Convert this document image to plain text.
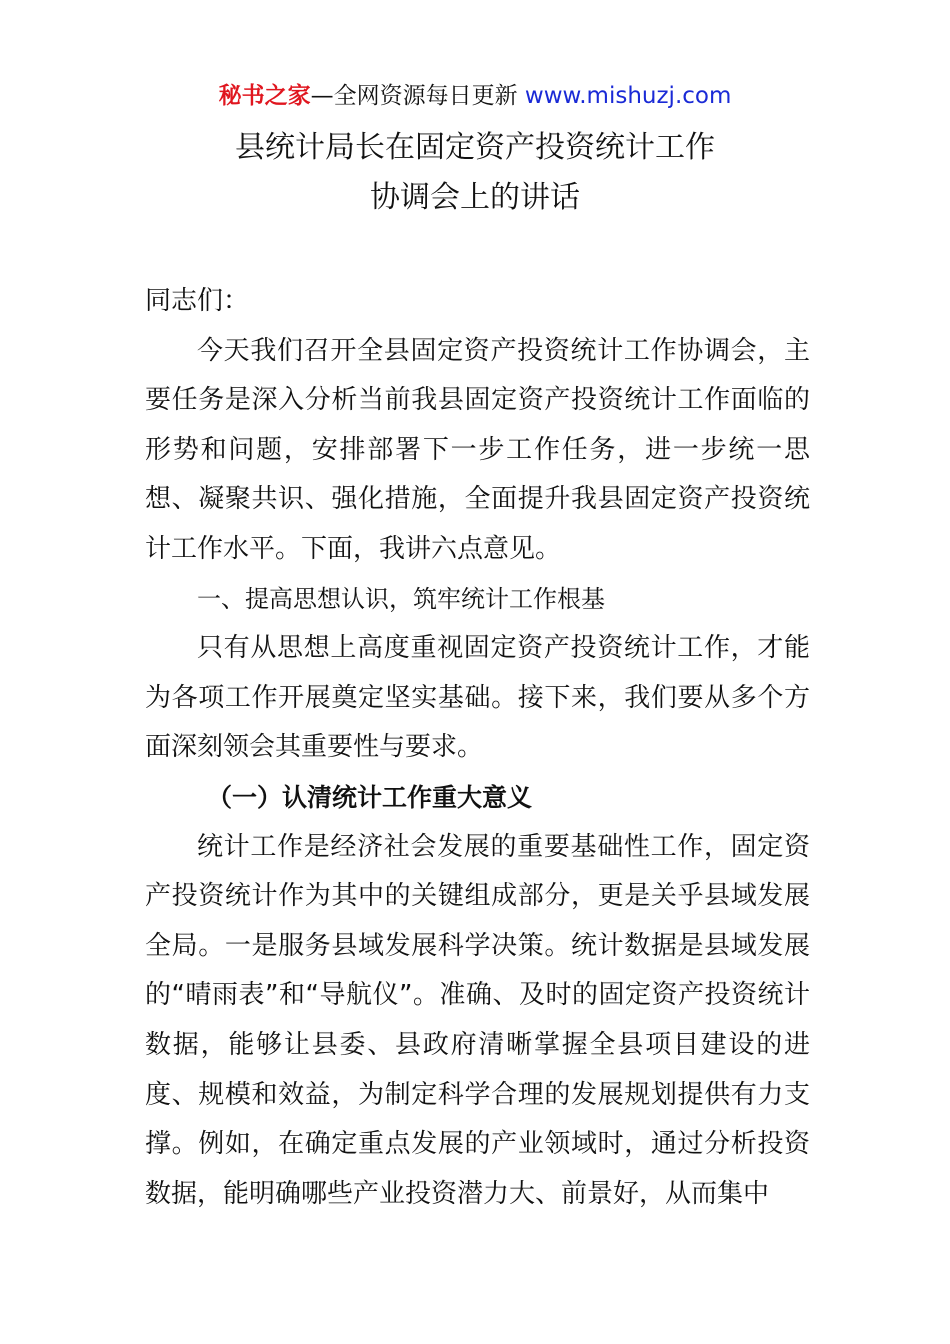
秘书之家—全网资源每日更新 www.mishuzj.com
县统计局长在固定资产投资统计工作
协调会上的讲话

同志们：

今天我们召开全县固定资产投资统计工作协调会，主要任务是深入分析当前我县固定资产投资统计工作面临的形势和问题，安排部署下一步工作任务，进一步统一思想、凝聚共识、强化措施，全面提升我县固定资产投资统计工作水平。下面，我讲六点意见。

一、提高思想认识，筑牢统计工作根基

只有从思想上高度重视固定资产投资统计工作，才能为各项工作开展奠定坚实基础。接下来，我们要从多个方面深刻领会其重要性与要求。

（一）认清统计工作重大意义

统计工作是经济社会发展的重要基础性工作，固定资产投资统计作为其中的关键组成部分，更是关乎县域发展全局。一是服务县域发展科学决策。统计数据是县域发展的“晴雨表”和“导航仪”。准确、及时的固定资产投资统计数据，能够让县委、县政府清晰掌握全县项目建设的进度、规模和效益，为制定科学合理的发展规划提供有力支撑。例如，在确定重点发展的产业领域时，通过分析投资数据，能明确哪些产业投资潜力大、前景好，从而集中
